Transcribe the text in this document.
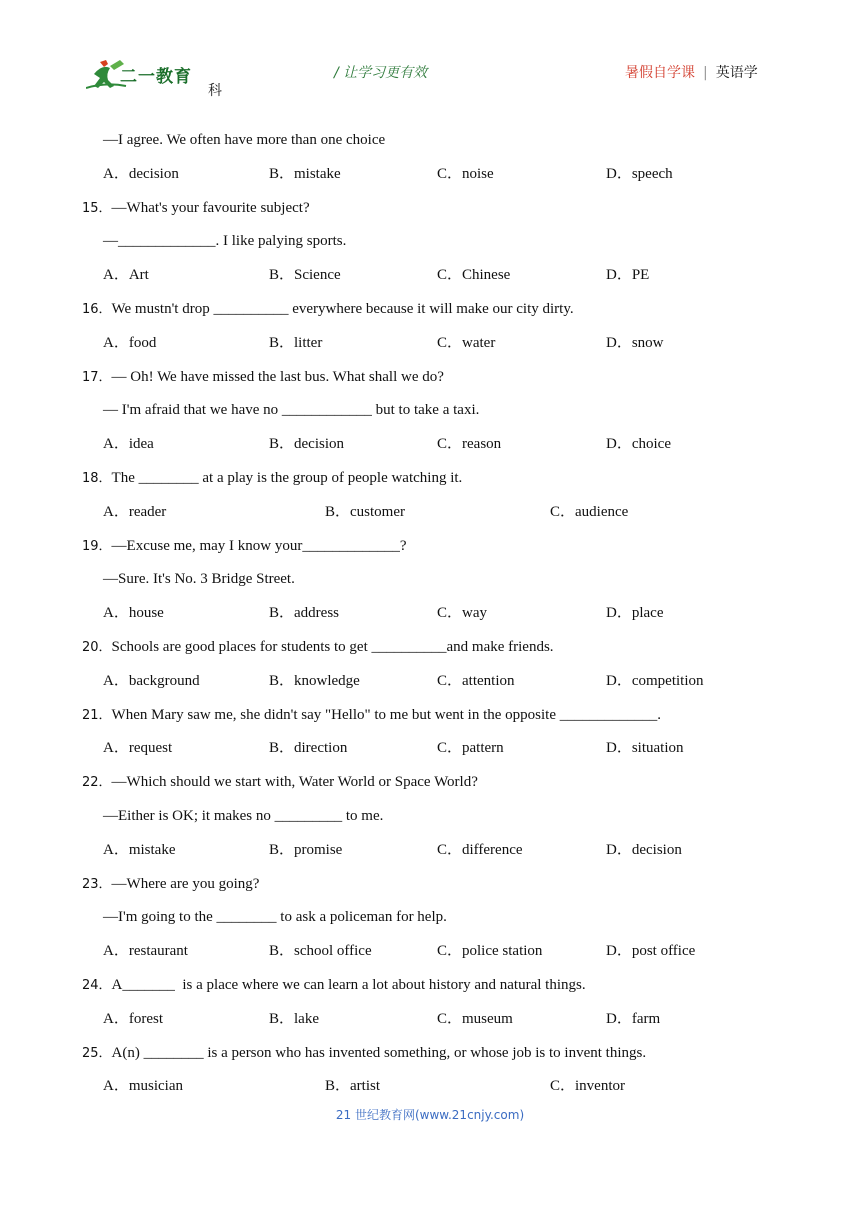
二一教育
科
/ 让学习更有效	暑假自学课 | 英语学
—I agree. We often have more than one choice
A．decision	B．mistake	C．noise	D．speech
15．—What's your favourite subject?
—_____________. I like palying sports.
A．Art	B．Science	C．Chinese	D．PE
16．We mustn't drop __________ everywhere because it will make our city dirty.
A．food	B．litter	C．water	D．snow
17．— Oh! We have missed the last bus. What shall we do?
— I'm afraid that we have no ____________ but to take a taxi.
A．idea	B．decision	C．reason	D．choice
18．The ________ at a play is the group of people watching it.
A．reader	B．customer	C．audience
19．—Excuse me, may I know your_____________?
—Sure. It's No. 3 Bridge Street.
A．house	B．address	C．way	D．place
20．Schools are good places for students to get __________and make friends.
A．background	B．knowledge	C．attention	D．competition
21．When Mary saw me, she didn't say "Hello" to me but went in the opposite _____________.
A．request	B．direction	C．pattern	D．situation
22．—Which should we start with, Water World or Space World?
—Either is OK; it makes no _________ to me.
A．mistake	B．promise	C．difference	D．decision
23．—Where are you going?
—I'm going to the ________ to ask a policeman for help.
A．restaurant	B．school office	C．police station	D．post office
24．A_______  is a place where we can learn a lot about history and natural things.
A．forest	B．lake	C．museum	D．farm
25．A(n) ________ is a person who has invented something, or whose job is to invent things.
A．musician	B．artist	C．inventor
21 世纪教育网(www.21cnjy.com)
